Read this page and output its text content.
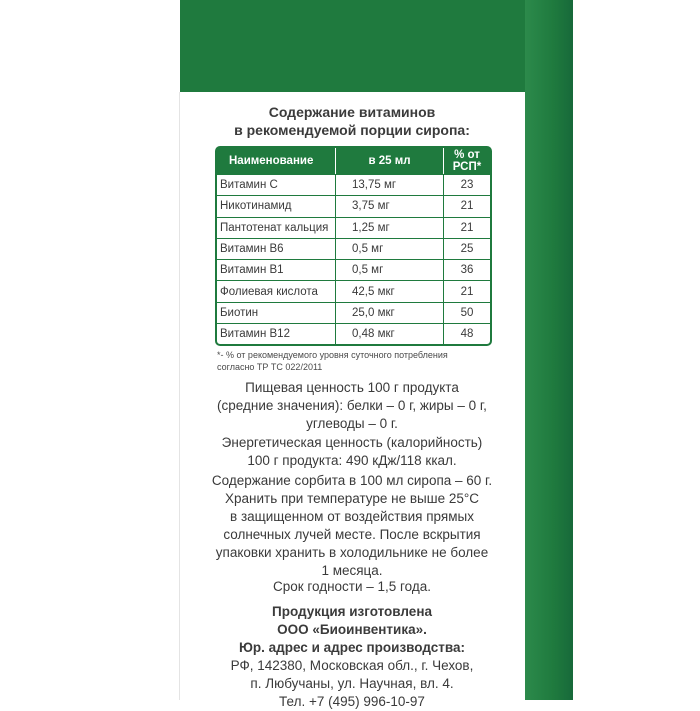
Содержание витаминов
в рекомендуемой порции сиропа:
Наименование	в 25 мл	% от РСП*
Витамин С	13,75 мг	23
Никотинамид	3,75 мг	21
Пантотенат кальция	1,25 мг	21
Витамин В6	0,5 мг	25
Витамин В1	0,5 мг	36
Фолиевая кислота	42,5 мкг	21
Биотин	25,0 мкг	50
Витамин В12	0,48 мкг	48
*- % от рекомендуемого уровня суточного потребления
согласно ТР ТС 022/2011
Пищевая ценность 100 г продукта
(средние значения): белки – 0 г, жиры – 0 г,
углеводы – 0 г.
Энергетическая ценность (калорийность)
100 г продукта: 490 кДж/118 ккал.
Содержание сорбита в 100 мл сиропа – 60 г.
Хранить при температуре не выше 25°С
в защищенном от воздействия прямых
солнечных лучей месте. После вскрытия
упаковки хранить в холодильнике не более
1 месяца.
Срок годности – 1,5 года.
Продукция изготовлена
ООО «Биоинвентика».
Юр. адрес и адрес производства:
РФ, 142380, Московская обл., г. Чехов,
п. Любучаны, ул. Научная, вл. 4.
Тел. +7 (495) 996-10-97
